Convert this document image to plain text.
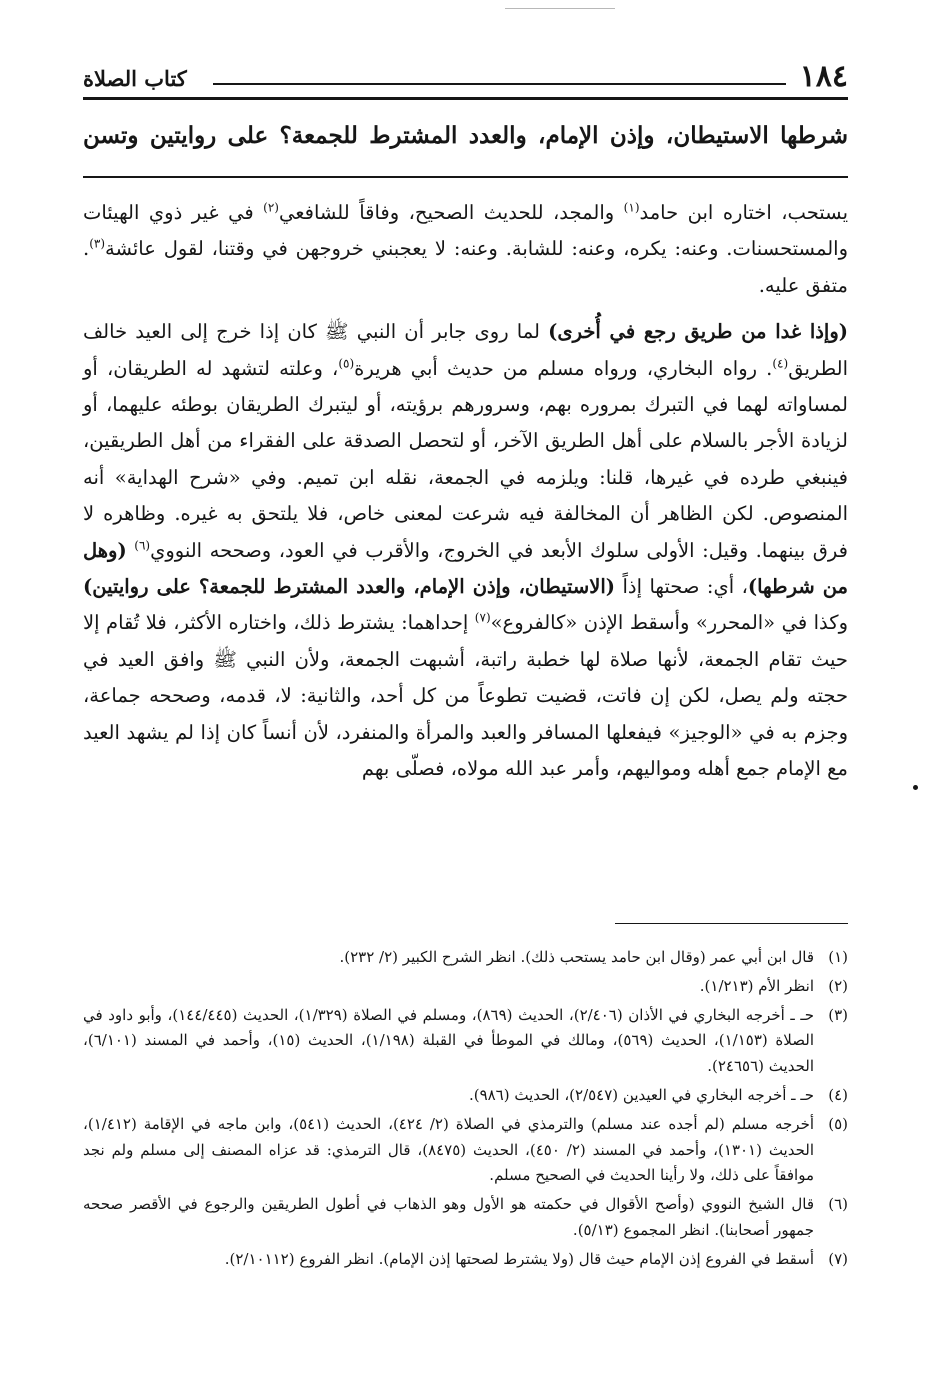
١٨٤
كتاب الصلاة
شرطها الاستيطان، وإذن الإمام، والعدد المشترط للجمعة؟ على روايتين وتسن

يستحب، اختاره ابن حامد$^{(١)}$ والمجد، للحديث الصحيح، وفاقاً للشافعي$^{(٢)}$ في غير ذوي الهيئات والمستحسنات. وعنه: يكره، وعنه: للشابة. وعنه: لا يعجبني خروجهن في وقتنا، لقول عائشة$^{(٣)}$. متفق عليه.

(وإذا غدا من طريق رجع في أُخرى) لما روى جابر أن النبي ﷺ كان إذا خرج إلى العيد خالف الطريق$^{(٤)}$. رواه البخاري، ورواه مسلم من حديث أبي هريرة$^{(٥)}$، وعلته لتشهد له الطريقان، أو لمساواته لهما في التبرك بمروره بهم، وسرورهم برؤيته، أو ليتبرك الطريقان بوطئه عليهما، أو لزيادة الأجر بالسلام على أهل الطريق الآخر، أو لتحصل الصدقة على الفقراء من أهل الطريقين، فينبغي طرده في غيرها، قلنا: ويلزمه في الجمعة، نقله ابن تميم. وفي «شرح الهداية» أنه المنصوص. لكن الظاهر أن المخالفة فيه شرعت لمعنى خاص، فلا يلتحق به غيره. وظاهره لا فرق بينهما. وقيل: الأولى سلوك الأبعد في الخروج، والأقرب في العود، وصححه النووي$^{(٦)}$ (وهل من شرطها)، أي: صحتها إذاً (الاستيطان، وإذن الإمام، والعدد المشترط للجمعة؟ على روايتين) وكذا في «المحرر» وأسقط الإذن «كالفروع»$^{(٧)}$ إحداهما: يشترط ذلك، واختاره الأكثر، فلا تُقام إلا حيث تقام الجمعة، لأنها صلاة لها خطبة راتبة، أشبهت الجمعة، ولأن النبي ﷺ وافق العيد في حجته ولم يصل، لكن إن فاتت، قضيت تطوعاً من كل أحد، والثانية: لا، قدمه، وصححه جماعة، وجزم به في «الوجيز» فيفعلها المسافر والعبد والمرأة والمنفرد، لأن أنساً كان إذا لم يشهد العيد مع الإمام جمع أهله ومواليهم، وأمر عبد الله مولاه، فصلّى بهم

(١)
قال ابن أبي عمر (وقال ابن حامد يستحب ذلك). انظر الشرح الكبير (٢/ ٢٣٢).
(٢)
انظر الأم (١/٢١٣).
(٣)
حـ ـ أخرجه البخاري في الأذان (٢/٤٠٦)، الحديث (٨٦٩)، ومسلم في الصلاة (١/٣٢٩)، الحديث (١٤٤/٤٤٥)، وأبو داود في الصلاة (١/١٥٣)، الحديث (٥٦٩)، ومالك في الموطأ في القبلة (١/١٩٨)، الحديث (١٥)، وأحمد في المسند (٦/١٠١)، الحديث (٢٤٦٥٦).
(٤)
حـ ـ أخرجه البخاري في العيدين (٢/٥٤٧)، الحديث (٩٨٦).
(٥)
أخرجه مسلم (لم أجده عند مسلم) والترمذي في الصلاة (٢/ ٤٢٤)، الحديث (٥٤١)، وابن ماجه في الإقامة (١/٤١٢)، الحديث (١٣٠١)، وأحمد في المسند (٢/ ٤٥٠)، الحديث (٨٤٧٥)، قال الترمذي: قد عزاه المصنف إلى مسلم ولم نجد موافقاً على ذلك، ولا رأينا الحديث في الصحيح مسلم.
(٦)
قال الشيخ النووي (وأصح الأقوال في حكمته هو الأول وهو الذهاب في أطول الطريقين والرجوع في الأقصر صححه جمهور أصحابنا). انظر المجموع (٥/١٣).
(٧)
أسقط في الفروع إذن الإمام حيث قال (ولا يشترط لصحتها إذن الإمام). انظر الفروع (٢/١٠١١٢).
